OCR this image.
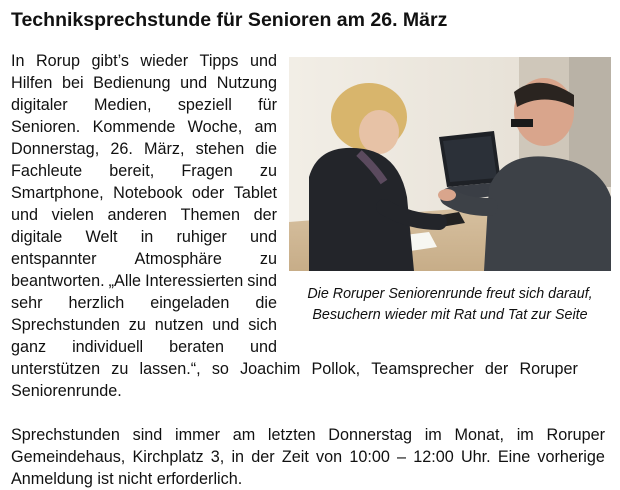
Techniksprechstunde für Senioren am 26. März
In Rorup gibt’s wieder Tipps und
Hilfen bei Bedienung und Nutzung
digitaler Medien, speziell für
Senioren. Kommende Woche, am
Donnerstag, 26. März, stehen die
Fachleute bereit, Fragen zu
Smartphone, Notebook oder Tablet
und vielen anderen Themen der
digitale Welt in ruhiger und
entspannter Atmosphäre zu
beantworten. „Alle Interessierten sind
sehr herzlich eingeladen die
Sprechstunden zu nutzen und sich
ganz individuell beraten und
unterstützen zu lassen.“, so Joachim Pollok, Teamsprecher der Roruper
Seniorenrunde.
Sprechstunden sind immer am letzten Donnerstag im Monat, im Roruper
Gemeindehaus, Kirchplatz 3, in der Zeit von 10:00 – 12:00 Uhr. Eine vorherige
Anmeldung ist nicht erforderlich.
Die Roruper Seniorenrunde freut sich darauf,
Besuchern wieder mit Rat und Tat zur Seite
